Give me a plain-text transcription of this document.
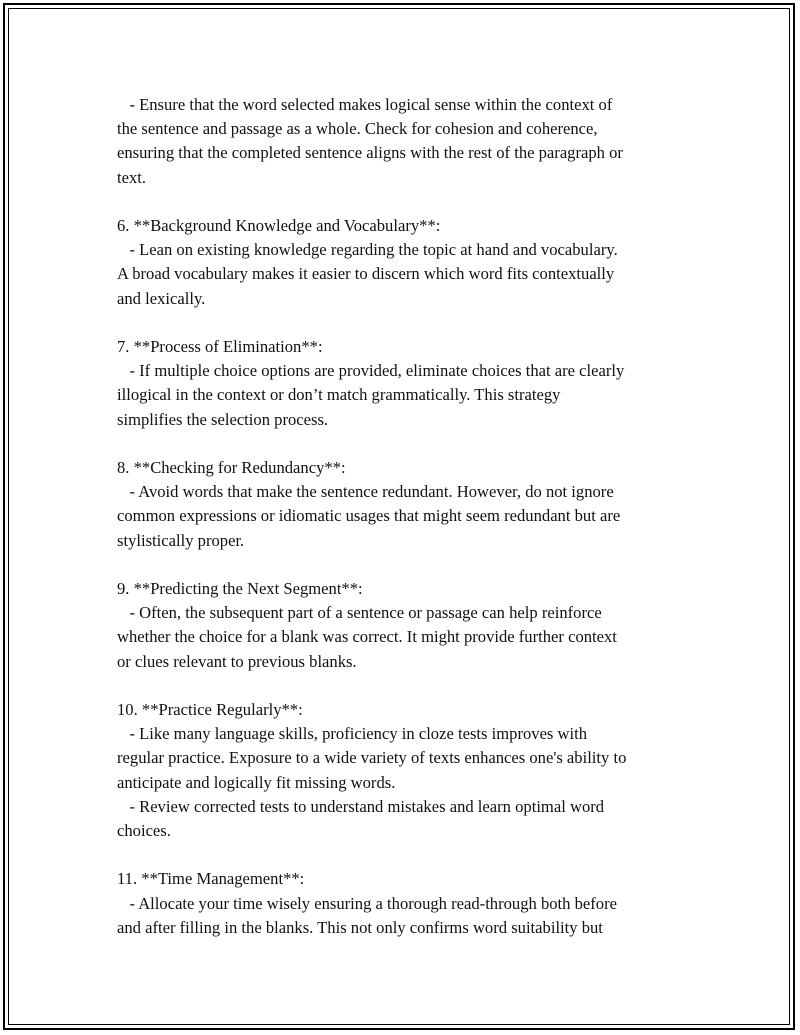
- Ensure that the word selected makes logical sense within the context of
the sentence and passage as a whole. Check for cohesion and coherence,
ensuring that the completed sentence aligns with the rest of the paragraph or
text.
6. **Background Knowledge and Vocabulary**:
- Lean on existing knowledge regarding the topic at hand and vocabulary.
A broad vocabulary makes it easier to discern which word fits contextually
and lexically.
7. **Process of Elimination**:
- If multiple choice options are provided, eliminate choices that are clearly
illogical in the context or don’t match grammatically. This strategy
simplifies the selection process.
8. **Checking for Redundancy**:
- Avoid words that make the sentence redundant. However, do not ignore
common expressions or idiomatic usages that might seem redundant but are
stylistically proper.
9. **Predicting the Next Segment**:
- Often, the subsequent part of a sentence or passage can help reinforce
whether the choice for a blank was correct. It might provide further context
or clues relevant to previous blanks.
10. **Practice Regularly**:
- Like many language skills, proficiency in cloze tests improves with
regular practice. Exposure to a wide variety of texts enhances one's ability to
anticipate and logically fit missing words.
- Review corrected tests to understand mistakes and learn optimal word
choices.
11. **Time Management**:
- Allocate your time wisely ensuring a thorough read-through both before
and after filling in the blanks. This not only confirms word suitability but
